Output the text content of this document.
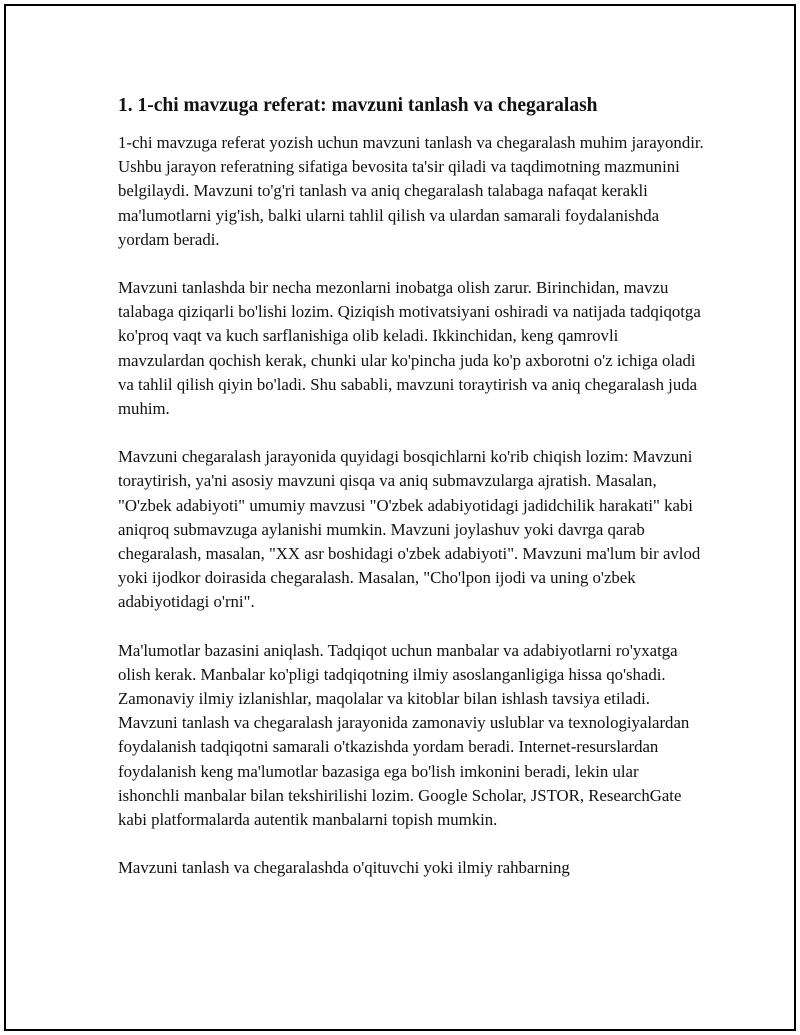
1. 1-chi mavzuga referat: mavzuni tanlash va chegaralash

1-chi mavzuga referat yozish uchun mavzuni tanlash va chegaralash muhim jarayondir. Ushbu jarayon referatning sifatiga bevosita ta'sir qiladi va taqdimotning mazmunini belgilaydi. Mavzuni to'g'ri tanlash va aniq chegaralash talabaga nafaqat kerakli ma'lumotlarni yig'ish, balki ularni tahlil qilish va ulardan samarali foydalanishda yordam beradi.

Mavzuni tanlashda bir necha mezonlarni inobatga olish zarur. Birinchidan, mavzu talabaga qiziqarli bo'lishi lozim. Qiziqish motivatsiyani oshiradi va natijada tadqiqotga ko'proq vaqt va kuch sarflanishiga olib keladi. Ikkinchidan, keng qamrovli mavzulardan qochish kerak, chunki ular ko'pincha juda ko'p axborotni o'z ichiga oladi va tahlil qilish qiyin bo'ladi. Shu sababli, mavzuni toraytirish va aniq chegaralash juda muhim.

Mavzuni chegaralash jarayonida quyidagi bosqichlarni ko'rib chiqish lozim: Mavzuni toraytirish, ya'ni asosiy mavzuni qisqa va aniq submavzularga ajratish. Masalan, "O'zbek adabiyoti" umumiy mavzusi "O'zbek adabiyotidagi jadidchilik harakati" kabi aniqroq submavzuga aylanishi mumkin. Mavzuni joylashuv yoki davrga qarab chegaralash, masalan, "XX asr boshidagi o'zbek adabiyoti". Mavzuni ma'lum bir avlod yoki ijodkor doirasida chegaralash. Masalan, "Cho'lpon ijodi va uning o'zbek adabiyotidagi o'rni".

Ma'lumotlar bazasini aniqlash. Tadqiqot uchun manbalar va adabiyotlarni ro'yxatga olish kerak. Manbalar ko'pligi tadqiqotning ilmiy asoslanganligiga hissa qo'shadi. Zamonaviy ilmiy izlanishlar, maqolalar va kitoblar bilan ishlash tavsiya etiladi. Mavzuni tanlash va chegaralash jarayonida zamonaviy uslublar va texnologiyalardan foydalanish tadqiqotni samarali o'tkazishda yordam beradi. Internet-resurslardan foydalanish keng ma'lumotlar bazasiga ega bo'lish imkonini beradi, lekin ular ishonchli manbalar bilan tekshirilishi lozim. Google Scholar, JSTOR, ResearchGate kabi platformalarda autentik manbalarni topish mumkin.

Mavzuni tanlash va chegaralashda o'qituvchi yoki ilmiy rahbarning
